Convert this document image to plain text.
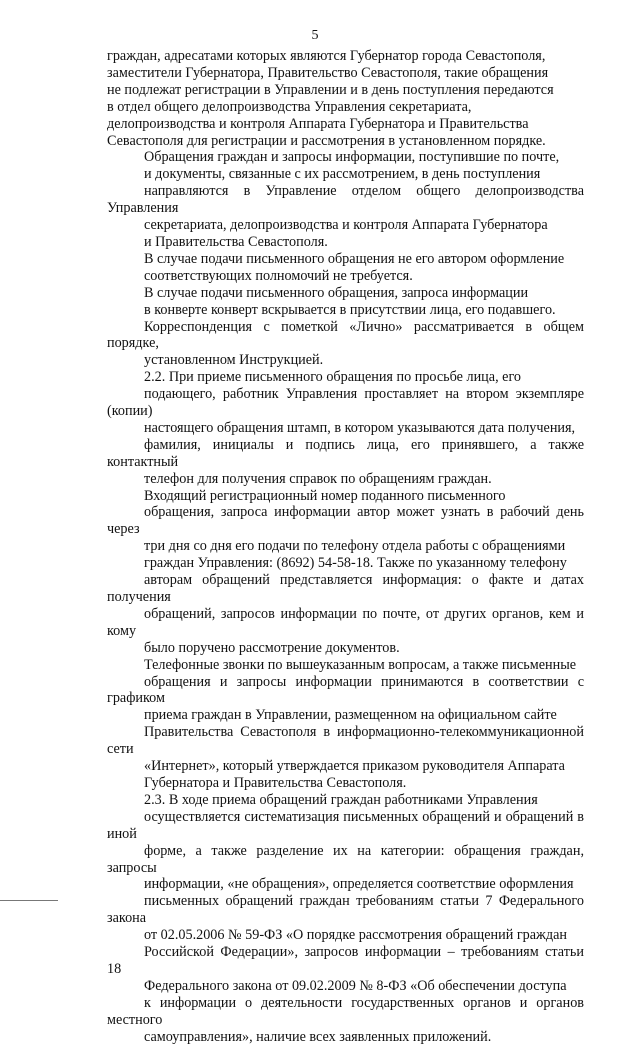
5

граждан, адресатами которых являются Губернатор города Севастополя,
заместители Губернатора, Правительство Севастополя, такие обращения
не подлежат регистрации в Управлении и в день поступления передаются
в отдел общего делопроизводства Управления секретариата,
делопроизводства и контроля Аппарата Губернатора и Правительства
Севастополя для регистрации и рассмотрения в установленном порядке.

Обращения граждан и запросы информации, поступившие по почте,
и документы, связанные с их рассмотрением, в день поступления
направляются в Управление отделом общего делопроизводства Управления
секретариата, делопроизводства и контроля Аппарата Губернатора
и Правительства Севастополя.

В случае подачи письменного обращения не его автором оформление
соответствующих полномочий не требуется.

В случае подачи письменного обращения, запроса информации
в конверте конверт вскрывается в присутствии лица, его подавшего.
Корреспонденция с пометкой «Лично» рассматривается в общем порядке,
установленном Инструкцией.

2.2. При приеме письменного обращения по просьбе лица, его
подающего, работник Управления проставляет на втором экземпляре (копии)
настоящего обращения штамп, в котором указываются дата получения,
фамилия, инициалы и подпись лица, его принявшего, а также контактный
телефон для получения справок по обращениям граждан.

Входящий регистрационный номер поданного письменного
обращения, запроса информации автор может узнать в рабочий день через
три дня со дня его подачи по телефону отдела работы с обращениями
граждан Управления: (8692) 54-58-18. Также по указанному телефону
авторам обращений представляется информация: о факте и датах получения
обращений, запросов информации по почте, от других органов, кем и кому
было поручено рассмотрение документов.

Телефонные звонки по вышеуказанным вопросам, а также письменные
обращения и запросы информации принимаются в соответствии с графиком
приема граждан в Управлении, размещенном на официальном сайте
Правительства Севастополя в информационно-телекоммуникационной сети
«Интернет», который утверждается приказом руководителя Аппарата
Губернатора и Правительства Севастополя.

2.3. В ходе приема обращений граждан работниками Управления
осуществляется систематизация письменных обращений и обращений в иной
форме, а также разделение их на категории: обращения граждан, запросы
информации, «не обращения», определяется соответствие оформления
письменных обращений граждан требованиям статьи 7 Федерального закона
от 02.05.2006 № 59-ФЗ «О порядке рассмотрения обращений граждан
Российской Федерации», запросов информации – требованиям статьи 18
Федерального закона от 09.02.2009 № 8-ФЗ «Об обеспечении доступа
к информации о деятельности государственных органов и органов местного
самоуправления», наличие всех заявленных приложений.
